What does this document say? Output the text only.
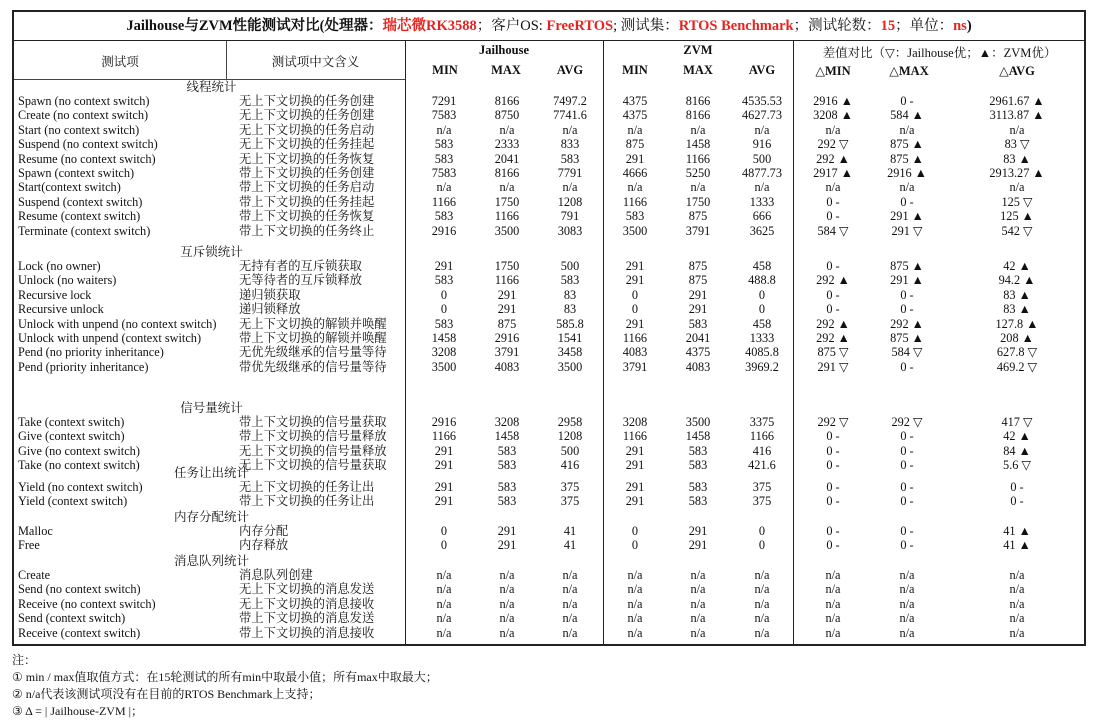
Jailhouse与ZVM性能测试对比(处理器：瑞芯微RK3588；客户OS: FreeRTOS; 测试集：RTOS Benchmark；测试轮数：15；单位：ns)
测试项	测试项中文含义
Jailhouse	ZVM	差值对比（▽：Jailhouse优；▲：ZVM优）
MIN	MAX	AVG	MIN	MAX	AVG	△MIN	△MAX	△AVG
线程统计
Spawn (no context switch)	无上下文切换的任务创建	7291	8166	7497.2	4375	8166	4535.53	2916 ▲	0 -	2961.67 ▲
Create (no context switch)	无上下文切换的任务创建	7583	8750	7741.6	4375	8166	4627.73	3208 ▲	584 ▲	3113.87 ▲
Start (no context switch)	无上下文切换的任务启动	n/a	n/a	n/a	n/a	n/a	n/a	n/a	n/a	n/a
Suspend (no context switch)	无上下文切换的任务挂起	583	2333	833	875	1458	916	292 ▽	875 ▲	83 ▽
Resume (no context switch)	无上下文切换的任务恢复	583	2041	583	291	1166	500	292 ▲	875 ▲	83 ▲
Spawn (context switch)	带上下文切换的任务创建	7583	8166	7791	4666	5250	4877.73	2917 ▲	2916 ▲	2913.27 ▲
Start(context switch)	带上下文切换的任务启动	n/a	n/a	n/a	n/a	n/a	n/a	n/a	n/a	n/a
Suspend (context switch)	带上下文切换的任务挂起	1166	1750	1208	1166	1750	1333	0 -	0 -	125 ▽
Resume (context switch)	带上下文切换的任务恢复	583	1166	791	583	875	666	0 -	291 ▲	125 ▲
Terminate (context switch)	带上下文切换的任务终止	2916	3500	3083	3500	3791	3625	584 ▽	291 ▽	542 ▽
互斥锁统计
Lock (no owner)	无持有者的互斥锁获取	291	1750	500	291	875	458	0 -	875 ▲	42 ▲
Unlock (no waiters)	无等待者的互斥锁释放	583	1166	583	291	875	488.8	292 ▲	291 ▲	94.2 ▲
Recursive lock	递归锁获取	0	291	83	0	291	0	0 -	0 -	83 ▲
Recursive unlock	递归锁释放	0	291	83	0	291	0	0 -	0 -	83 ▲
Unlock with unpend (no context switch) 无上下文切换的解锁并唤醒	583	875	585.8	291	583	458	292 ▲	292 ▲	127.8 ▲
Unlock with unpend (context switch)	带上下文切换的解锁并唤醒	1458	2916	1541	1166	2041	1333	292 ▲	875 ▲	208 ▲
Pend (no priority inheritance)	无优先级继承的信号量等待	3208	3791	3458	4083	4375	4085.8	875 ▽	584 ▽	627.8 ▽
Pend (priority inheritance)	带优先级继承的信号量等待	3500	4083	3500	3791	4083	3969.2	291 ▽	0 -	469.2 ▽
信号量统计
Take (context switch)	带上下文切换的信号量获取	2916	3208	2958	3208	3500	3375	292 ▽	292 ▽	417 ▽
Give (context switch)	带上下文切换的信号量释放	1166	1458	1208	1166	1458	1166	0 -	0 -	42 ▲
Give (no context switch)	无上下文切换的信号量释放	291	583	500	291	583	416	0 -	0 -	84 ▲
Take (no context switch)	无上下文切换的信号量获取	291	583	416	291	583	421.6	0 -	0 -	5.6 ▽
任务让出统计
Yield (no context switch)	无上下文切换的任务让出	291	583	375	291	583	375	0 -	0 -	0 -
Yield (context switch)	带上下文切换的任务让出	291	583	375	291	583	375	0 -	0 -	0 -
内存分配统计
Malloc	内存分配	0	291	41	0	291	0	0 -	0 -	41 ▲
Free	内存释放	0	291	41	0	291	0	0 -	0 -	41 ▲
消息队列统计
Create	消息队列创建	n/a	n/a	n/a	n/a	n/a	n/a	n/a	n/a	n/a
Send (no context switch)	无上下文切换的消息发送	n/a	n/a	n/a	n/a	n/a	n/a	n/a	n/a	n/a
Receive (no context switch)	无上下文切换的消息接收	n/a	n/a	n/a	n/a	n/a	n/a	n/a	n/a	n/a
Send (context switch)	带上下文切换的消息发送	n/a	n/a	n/a	n/a	n/a	n/a	n/a	n/a	n/a
Receive (context switch)	带上下文切换的消息接收	n/a	n/a	n/a	n/a	n/a	n/a	n/a	n/a	n/a
注：
① min / max值取值方式：在15轮测试的所有min中取最小值；所有max中取最大；
② n/a代表该测试项没有在目前的RTOS Benchmark上支持；
③ Δ = | Jailhouse-ZVM |；
